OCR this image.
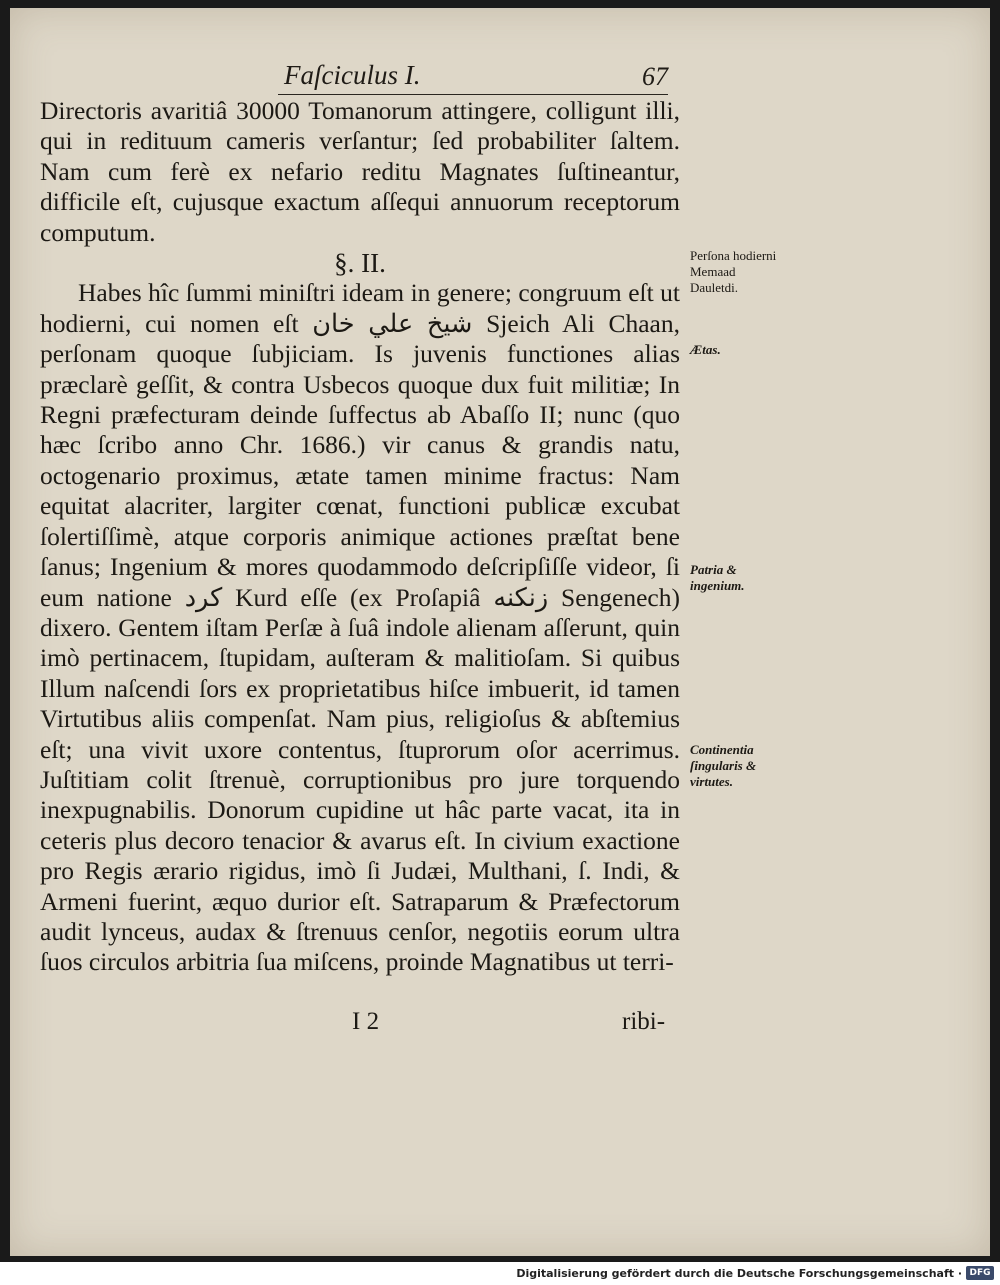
Faſciculus I.	67

Directoris avaritiâ 30000 Tomanorum attingere, colligunt illi, qui in redituum cameris verſantur; ſed probabiliter ſaltem. Nam cum ferè ex nefario reditu Magnates ſuſtineantur, difficile eſt, cujusque exactum aſſequi annuorum receptorum computum.

§. II.

Habes hîc ſummi miniſtri ideam in genere; congruum eſt ut hodierni, cui nomen eſt شيخ علي خان Sjeich Ali Chaan, perſonam quoque ſubjiciam. Is juvenis functiones alias præclarè geſſit, & contra Usbecos quoque dux fuit militiæ; In Regni præfecturam deinde ſuffectus ab Abaſſo II; nunc (quo hæc ſcribo anno Chr. 1686.) vir canus & grandis natu, octogenario proximus, ætate tamen minime fractus: Nam equitat alacriter, largiter cœnat, functioni publicæ excubat ſolertiſſimè, atque corporis animique actiones præſtat bene ſanus; Ingenium & mores quodammodo deſcripſiſſe videor, ſi eum natione كرد Kurd eſſe (ex Proſapiâ زنكنه Sengenech) dixero. Gentem iſtam Perſæ à ſuâ indole alienam aſſerunt, quin imò pertinacem, ſtupidam, auſteram & malitioſam. Si quibus Illum naſcendi ſors ex proprietatibus hiſce imbuerit, id tamen Virtutibus aliis compenſat. Nam pius, religioſus & abſtemius eſt; una vivit uxore contentus, ſtuprorum oſor acerrimus. Juſtitiam colit ſtrenuè, corruptionibus pro jure torquendo inexpugnabilis. Donorum cupidine ut hâc parte vacat, ita in ceteris plus decoro tenacior & avarus eſt. In civium exactione pro Regis ærario rigidus, imò ſi Judæi, Multhani, ſ. Indi, & Armeni fuerint, æquo durior eſt. Satraparum & Præfectorum audit lynceus, audax & ſtrenuus cenſor, negotiis eorum ultra ſuos circulos arbitria ſua miſcens, proinde Magnatibus ut terri-

Perſona hodierni Memaad Dauletdi.
Ætas.
Patria & ingenium.
Continentia ſingularis & virtutes.
I 2	ribi-
Digitalisierung gefördert durch die Deutsche Forschungsgemeinschaft · DFG
